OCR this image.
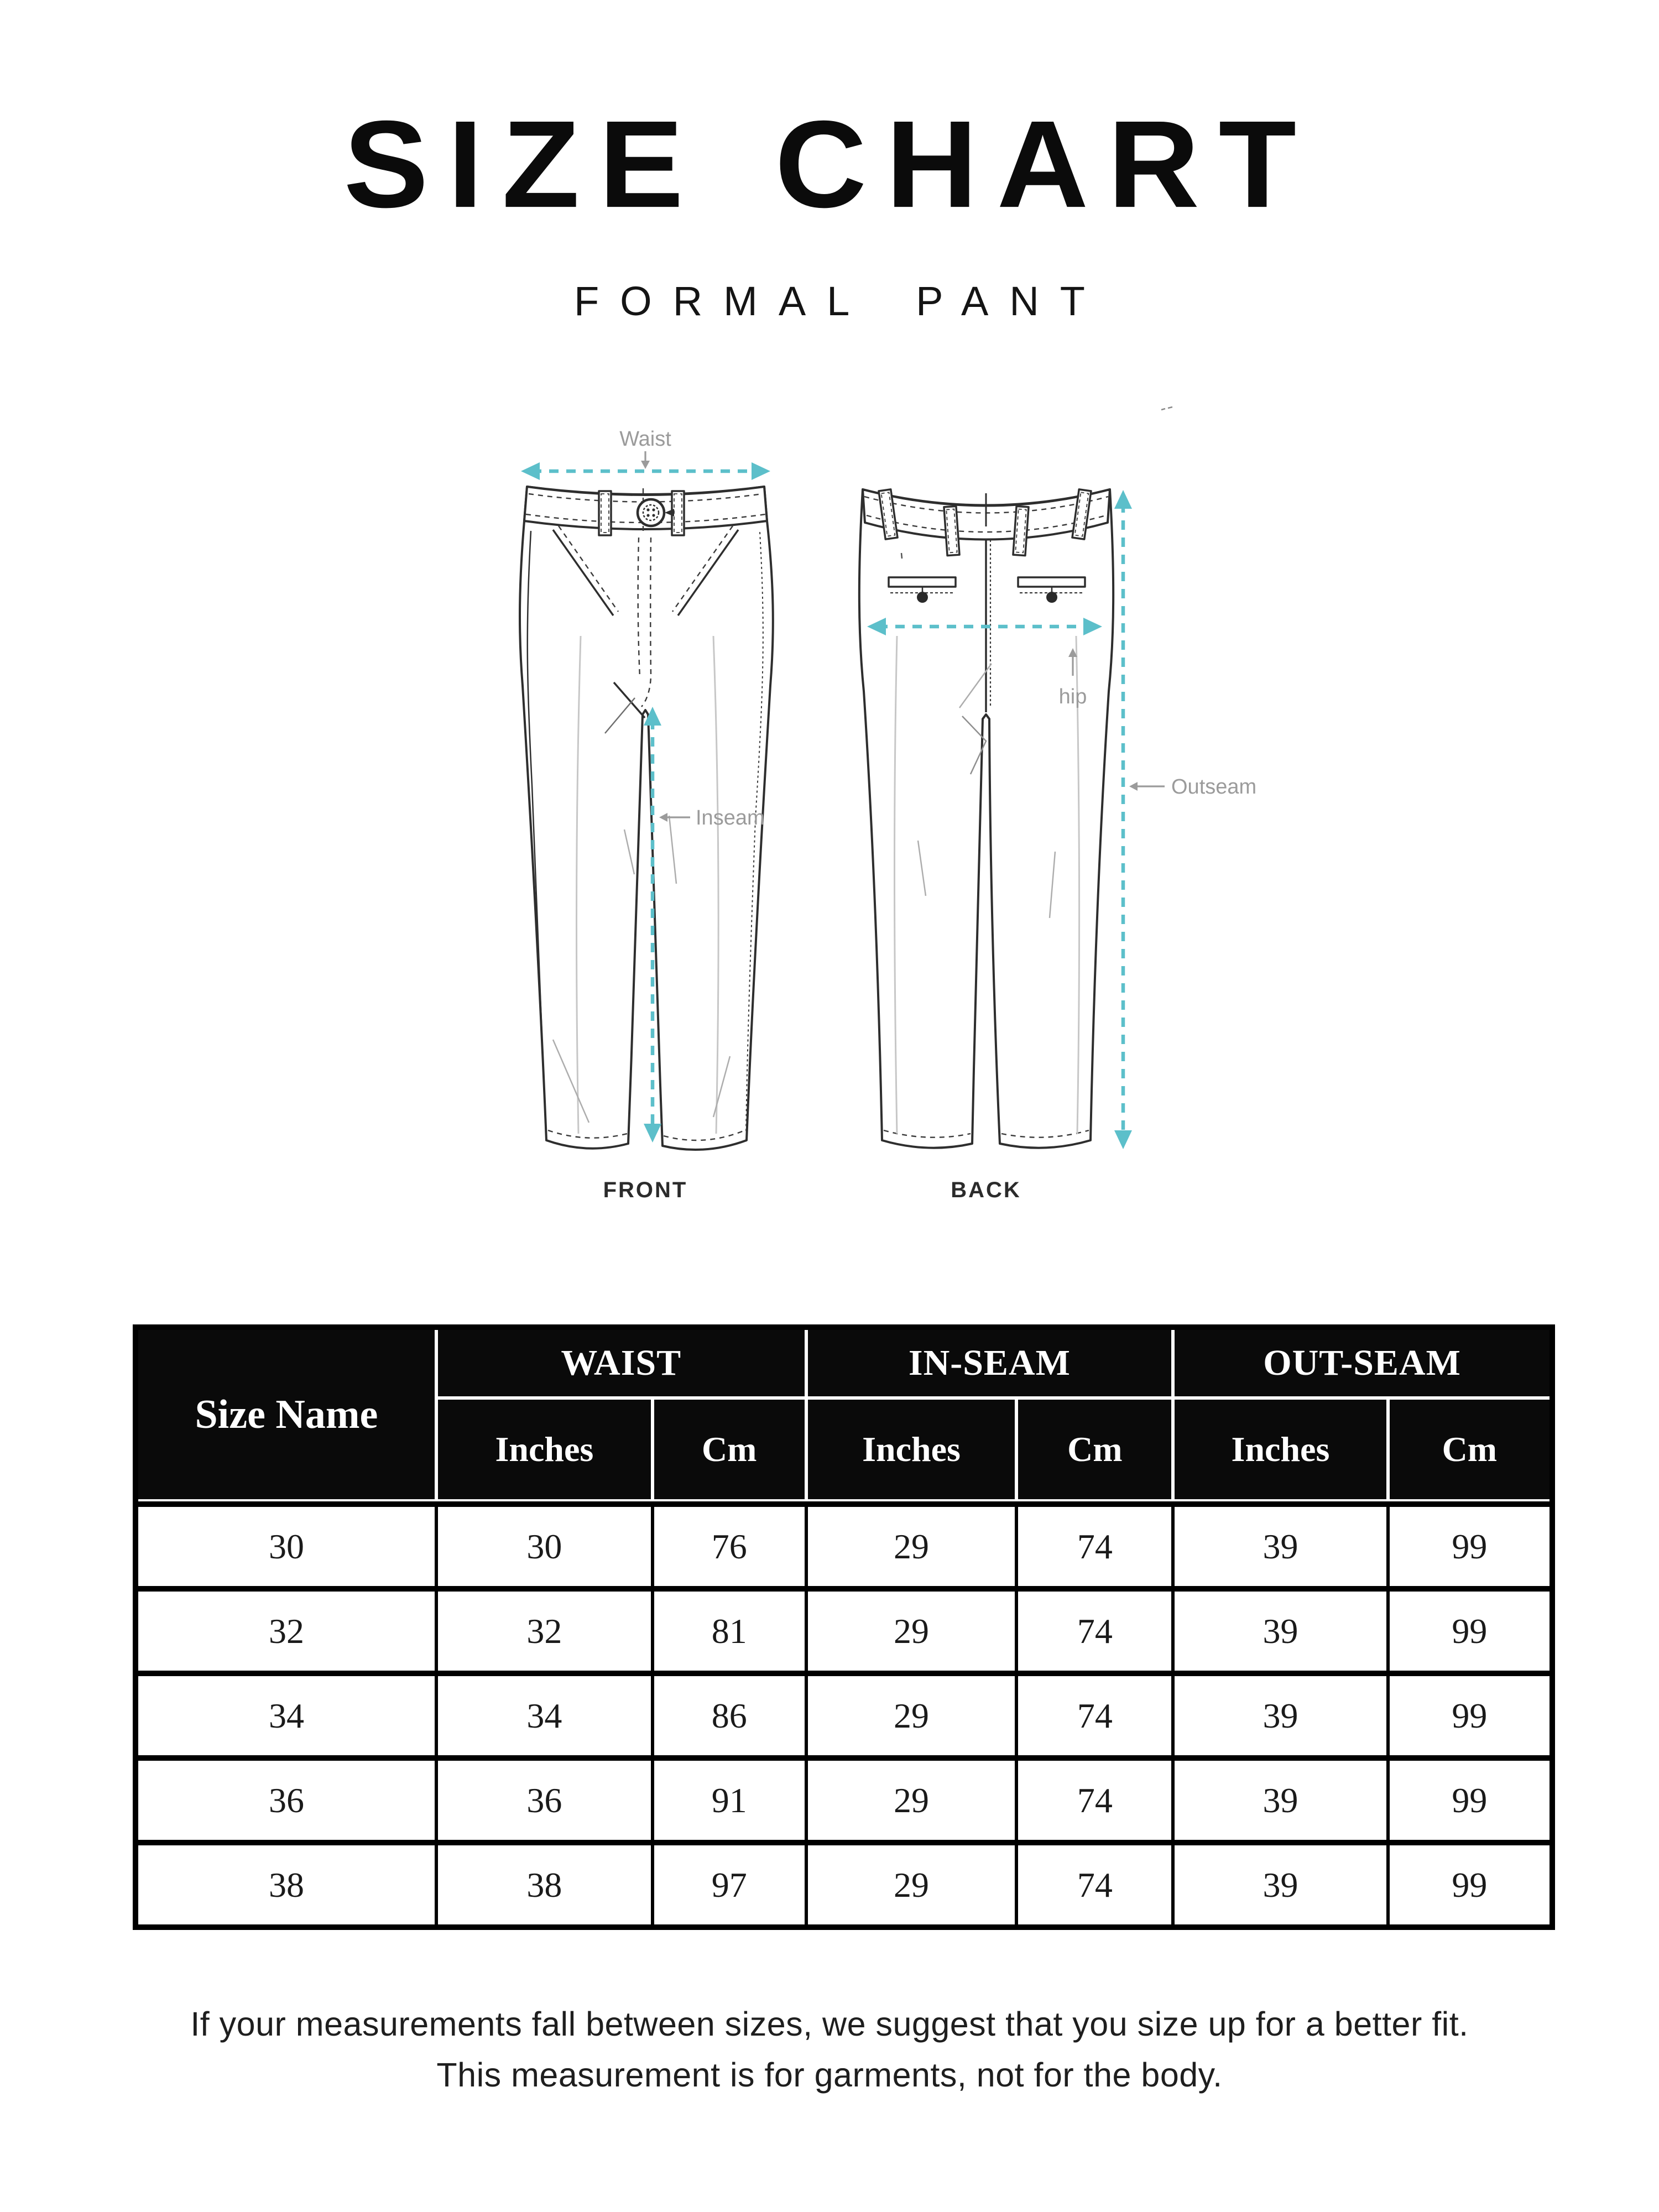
SIZE CHART
FORMAL PANT
Waist
Inseam
hip
Outseam
FRONT	BACK
Size Name
WAIST	IN-SEAM	OUT-SEAM
Inches	Cm	Inches	Cm	Inches	Cm
30	30	76	29	74	39	99
32	32	81	29	74	39	99
34	34	86	29	74	39	99
36	36	91	29	74	39	99
38	38	97	29	74	39	99
If your measurements fall between sizes, we suggest that you size up for a better fit.
This measurement is for garments, not for the body.
